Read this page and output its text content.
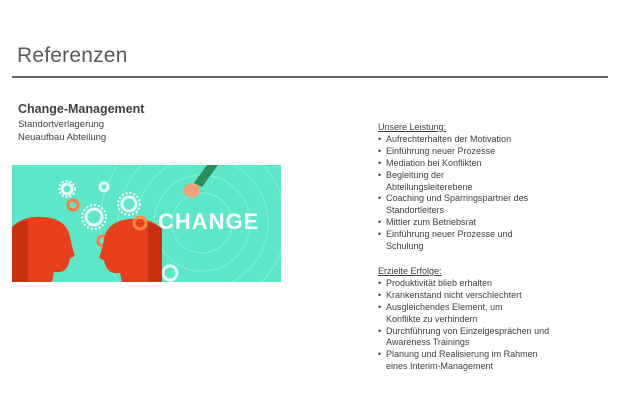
Referenzen
Change-Management
Standortverlagerung
Neuaufbau Abteilung
CHANGE
Unsere Leistung:
• Aufrechterhalten der Motivation
• Einführung neuer Prozesse
• Mediation bei Konflikten
• Begleitung der Abteilungsleiterebene
• Coaching und Sparringspartner des Standortleiters
• Mittler zum Betriebsrat
• Einführung neuer Prozesse und Schulung
Erzielte Erfolge:
• Produktivität blieb erhalten
• Krankenstand nicht verschlechtert
• Ausgleichendes Element, um Konflikte zu verhindern
• Durchführung von Einzelgesprächen und Awareness Trainings
• Planung und Realisierung im Rahmen eines Interim-Management
